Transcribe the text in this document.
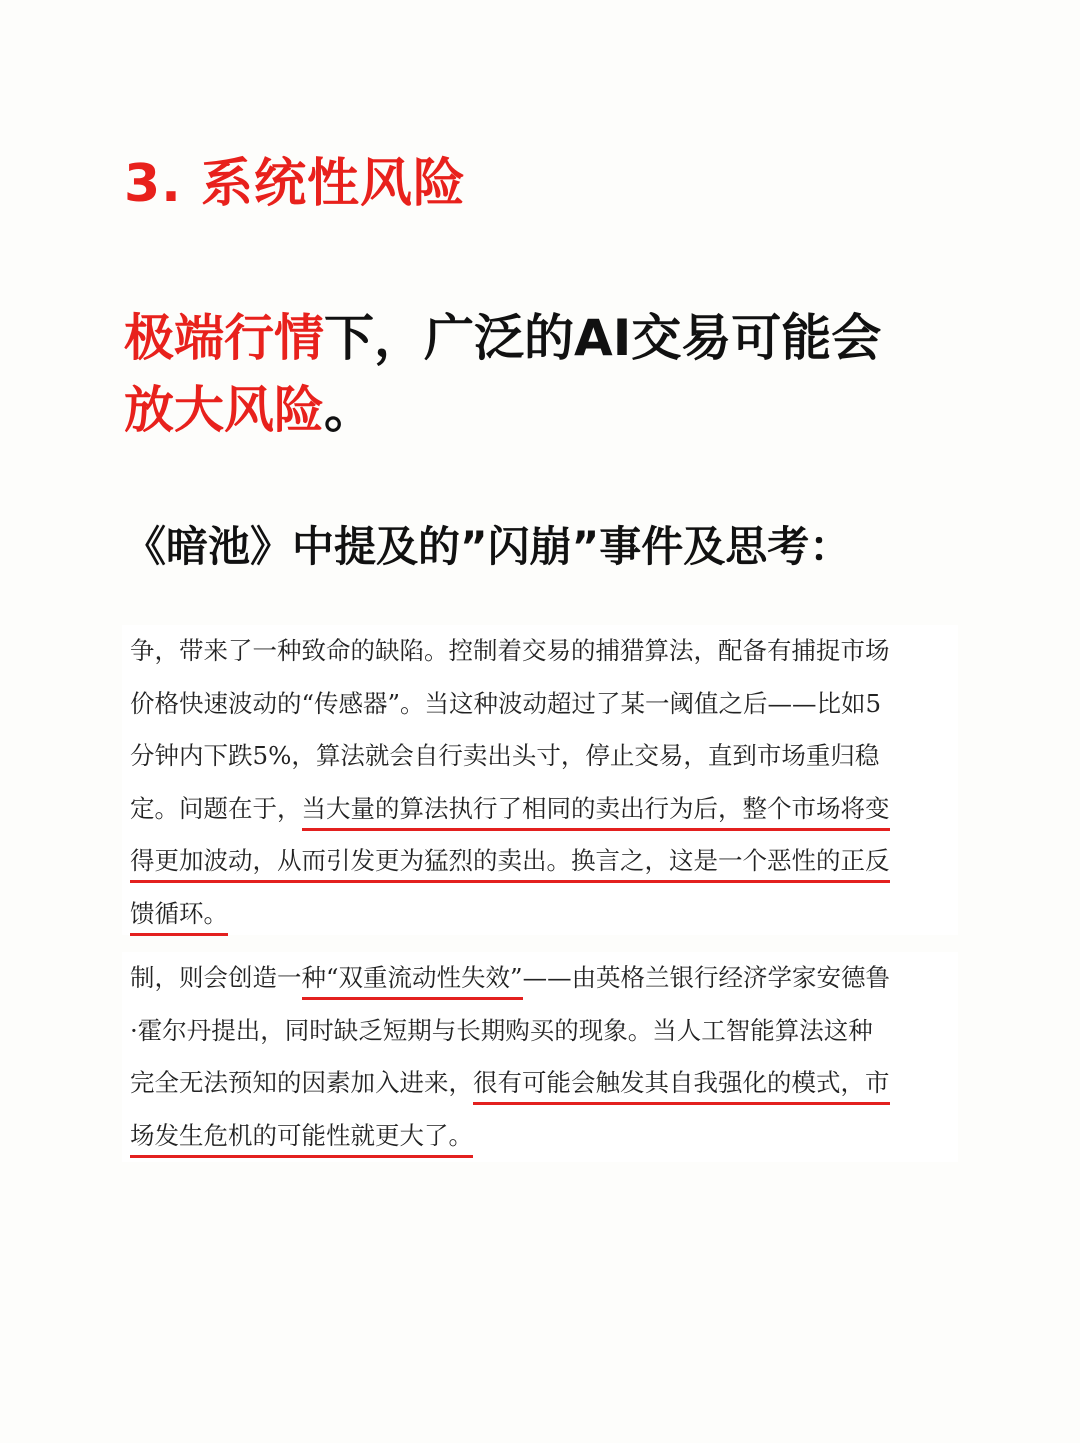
3. 系统性风险
极端行情下，广泛的AI交易可能会
放大风险。
《暗池》中提及的”闪崩”事件及思考：

争，带来了一种致命的缺陷。控制着交易的捕猎算法，配备有捕捉市场

价格快速波动的“传感器”。当这种波动超过了某一阈值之后——比如5

分钟内下跌5%，算法就会自行卖出头寸，停止交易，直到市场重归稳

定。问题在于，当大量的算法执行了相同的卖出行为后，整个市场将变

得更加波动，从而引发更为猛烈的卖出。换言之，这是一个恶性的正反

馈循环。

制，则会创造一种“双重流动性失效”——由英格兰银行经济学家安德鲁

·霍尔丹提出，同时缺乏短期与长期购买的现象。当人工智能算法这种

完全无法预知的因素加入进来，很有可能会触发其自我强化的模式，市

场发生危机的可能性就更大了。
